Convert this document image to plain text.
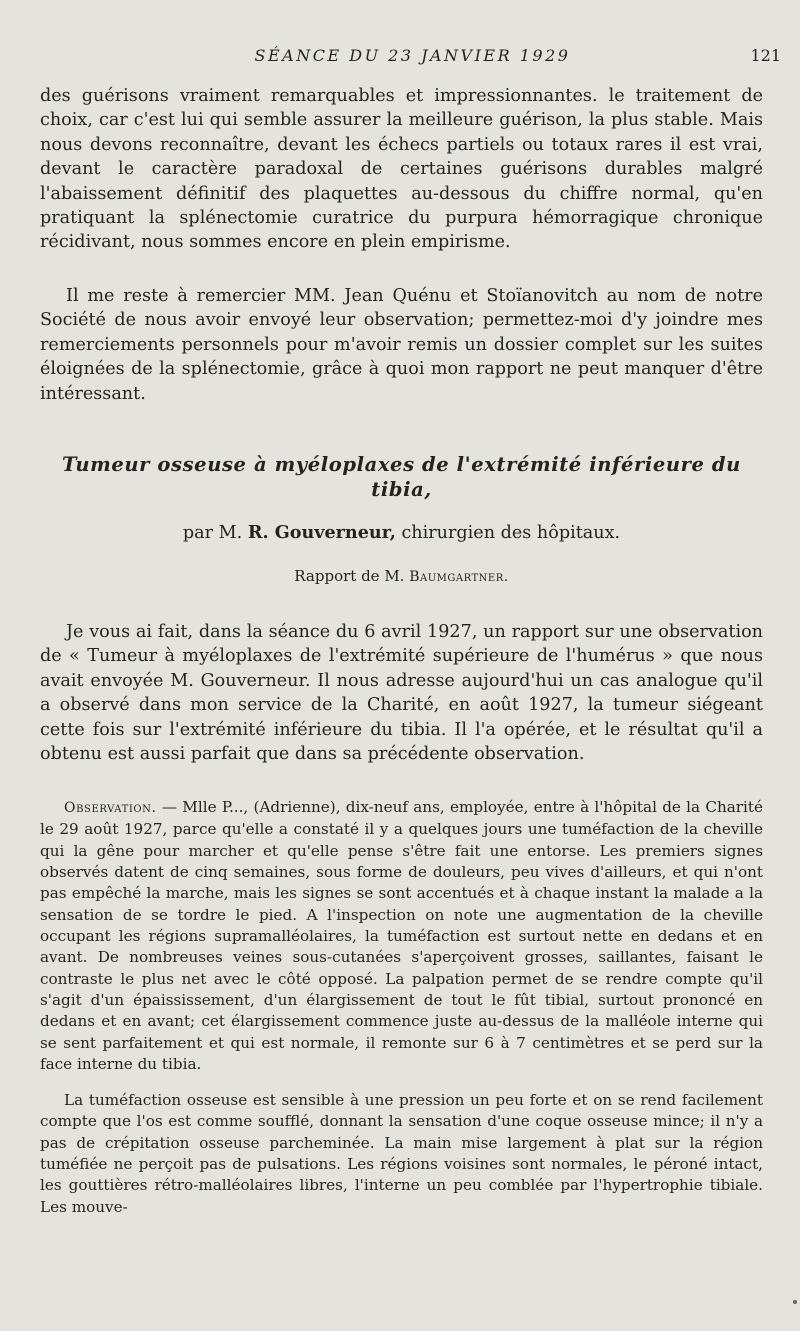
SÉANCE DU 23 JANVIER 1929	121

des guérisons vraiment remarquables et impressionnantes. le traitement de choix, car c'est lui qui semble assurer la meilleure guérison, la plus stable. Mais nous devons reconnaître, devant les échecs partiels ou totaux rares il est vrai, devant le caractère paradoxal de certaines guérisons durables malgré l'abaissement définitif des plaquettes au-dessous du chiffre normal, qu'en pratiquant la splénectomie curatrice du purpura hémorragique chronique récidivant, nous sommes encore en plein empirisme.

Il me reste à remercier MM. Jean Quénu et Stoïanovitch au nom de notre Société de nous avoir envoyé leur observation; permettez-moi d'y joindre mes remerciements personnels pour m'avoir remis un dossier complet sur les suites éloignées de la splénectomie, grâce à quoi mon rapport ne peut manquer d'être intéressant.

Tumeur osseuse à myéloplaxes de l'extrémité inférieure du tibia,

par M. R. Gouverneur, chirurgien des hôpitaux.

Rapport de M. Baumgartner.

Je vous ai fait, dans la séance du 6 avril 1927, un rapport sur une observation de « Tumeur à myéloplaxes de l'extrémité supérieure de l'humérus » que nous avait envoyée M. Gouverneur. Il nous adresse aujourd'hui un cas analogue qu'il a observé dans mon service de la Charité, en août 1927, la tumeur siégeant cette fois sur l'extrémité inférieure du tibia. Il l'a opérée, et le résultat qu'il a obtenu est aussi parfait que dans sa précédente observation.

Observation. — Mlle P..., (Adrienne), dix-neuf ans, employée, entre à l'hôpital de la Charité le 29 août 1927, parce qu'elle a constaté il y a quelques jours une tuméfaction de la cheville qui la gêne pour marcher et qu'elle pense s'être fait une entorse. Les premiers signes observés datent de cinq semaines, sous forme de douleurs, peu vives d'ailleurs, et qui n'ont pas empêché la marche, mais les signes se sont accentués et à chaque instant la malade a la sensation de se tordre le pied. A l'inspection on note une augmentation de la cheville occupant les régions supramalléolaires, la tuméfaction est surtout nette en dedans et en avant. De nombreuses veines sous-cutanées s'aperçoivent grosses, saillantes, faisant le contraste le plus net avec le côté opposé. La palpation permet de se rendre compte qu'il s'agit d'un épaississement, d'un élargissement de tout le fût tibial, surtout prononcé en dedans et en avant; cet élargissement commence juste au-dessus de la malléole interne qui se sent parfaitement et qui est normale, il remonte sur 6 à 7 centimètres et se perd sur la face interne du tibia.

La tuméfaction osseuse est sensible à une pression un peu forte et on se rend facilement compte que l'os est comme soufflé, donnant la sensation d'une coque osseuse mince; il n'y a pas de crépitation osseuse parcheminée. La main mise largement à plat sur la région tuméfiée ne perçoit pas de pulsations. Les régions voisines sont normales, le péroné intact, les gouttières rétro-malléolaires libres, l'interne un peu comblée par l'hypertrophie tibiale. Les mouve-
